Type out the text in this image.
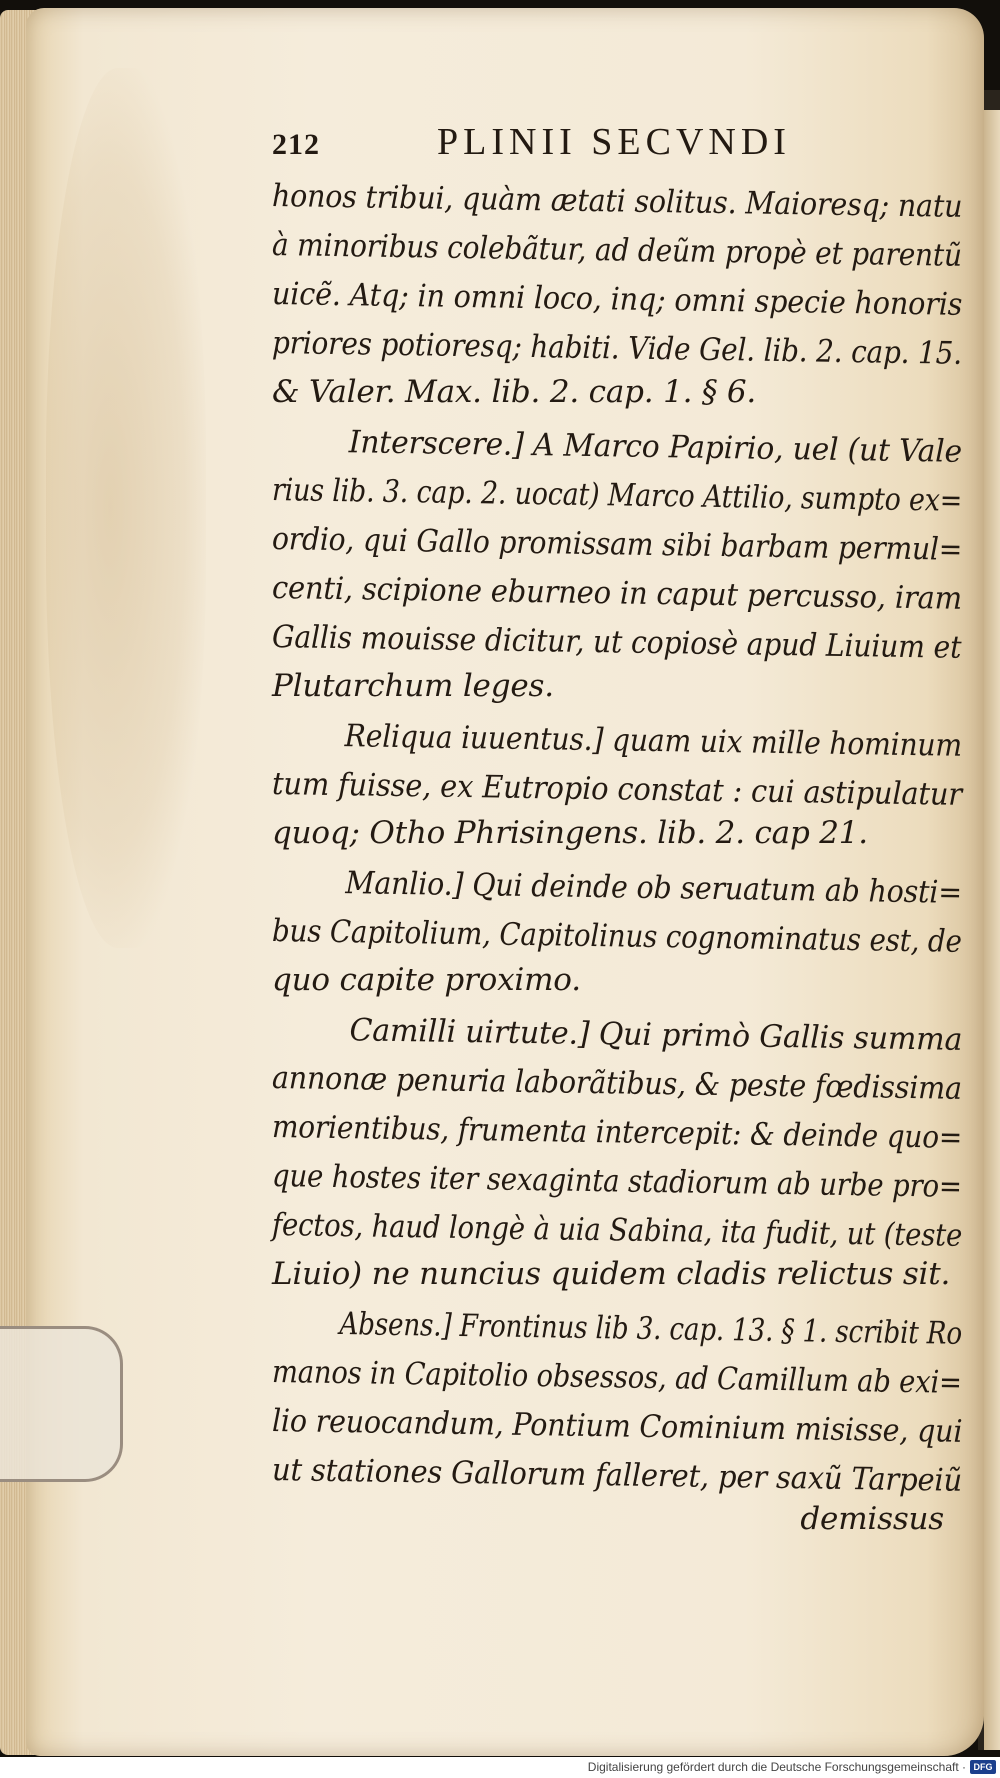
212	PLINII SECVNDI
honos tribui, quàm ætati solitus. Maioresq; natu
à minoribus colebãtur, ad deũm propè et parentũ
uicẽ. Atq; in omni loco, inq; omni specie honoris
priores potioresq; habiti. Vide Gel. lib. 2. cap. 15.
& Valer. Max. lib. 2. cap. 1. § 6.
Interscere.] A Marco Papirio, uel (ut Vale
rius lib. 3. cap. 2. uocat) Marco Attilio, sumpto ex=
ordio, qui Gallo promissam sibi barbam permul=
centi, scipione eburneo in caput percusso, iram
Gallis mouisse dicitur, ut copiosè apud Liuium et
Plutarchum leges.
Reliqua iuuentus.] quam uix mille hominum
tum fuisse, ex Eutropio constat : cui astipulatur
quoq; Otho Phrisingens. lib. 2. cap 21.
Manlio.] Qui deinde ob seruatum ab hosti=
bus Capitolium, Capitolinus cognominatus est, de
quo capite proximo.
Camilli uirtute.] Qui primò Gallis summa
annonæ penuria laborãtibus, & peste fœdissima
morientibus, frumenta intercepit: & deinde quo=
que hostes iter sexaginta stadiorum ab urbe pro=
fectos, haud longè à uia Sabina, ita fudit, ut (teste
Liuio) ne nuncius quidem cladis relictus sit.
Absens.] Frontinus lib 3. cap. 13. § 1. scribit Ro
manos in Capitolio obsessos, ad Camillum ab exi=
lio reuocandum, Pontium Cominium misisse, qui
ut stationes Gallorum falleret, per saxũ Tarpeiũ
demissus
Digitalisierung gefördert durch die Deutsche Forschungsgemeinschaft · DFG
